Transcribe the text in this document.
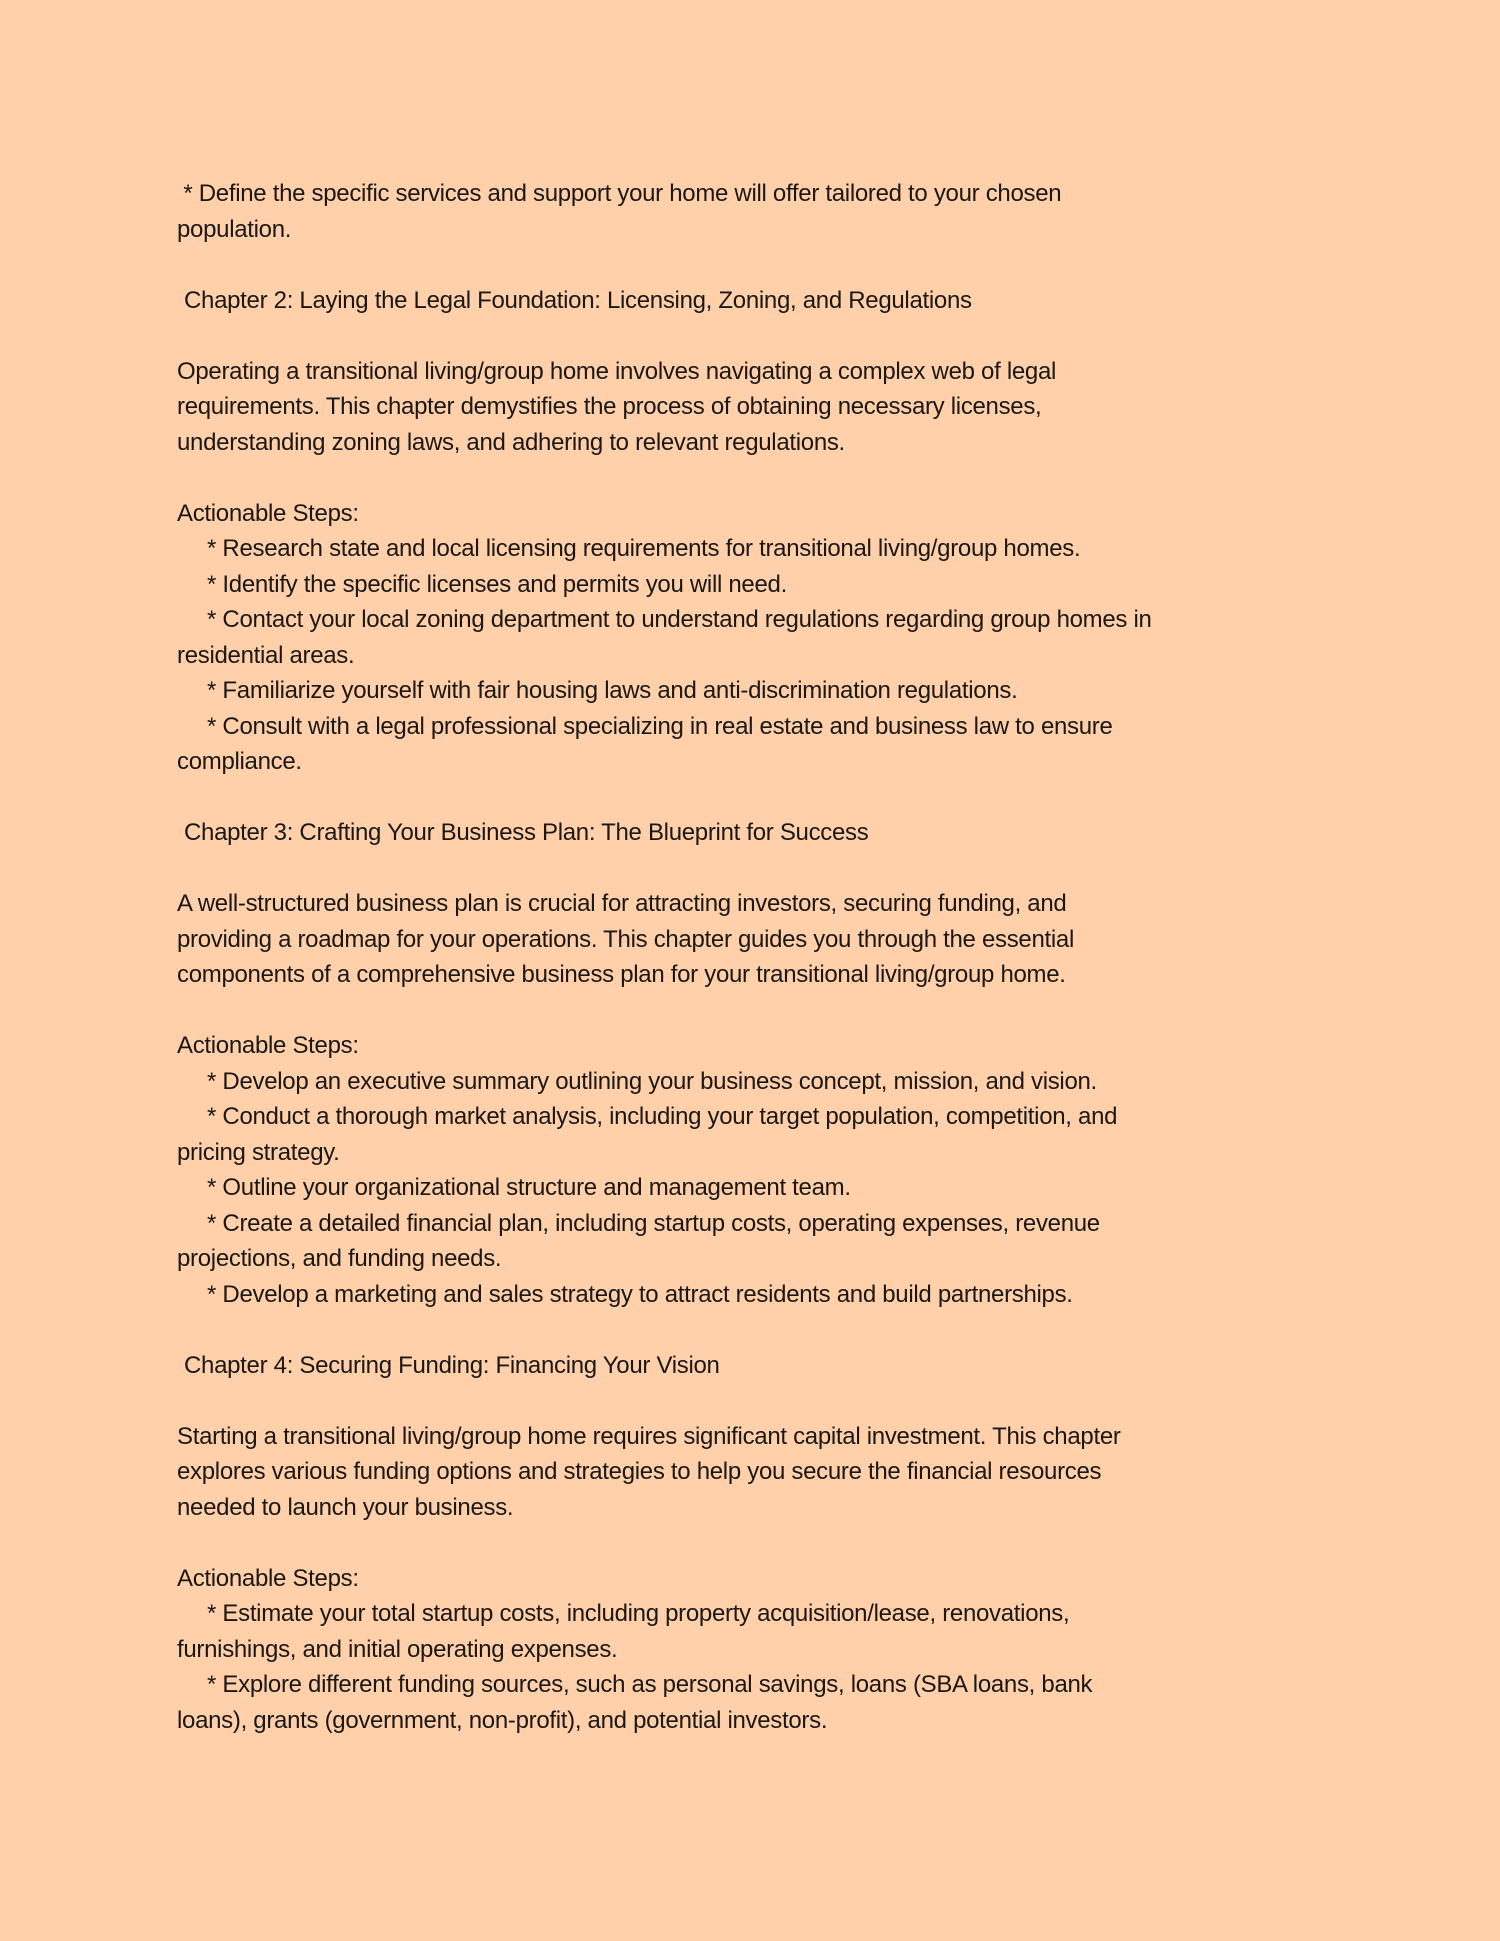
* Define the specific services and support your home will offer tailored to your chosen
population.
Chapter 2: Laying the Legal Foundation: Licensing, Zoning, and Regulations
Operating a transitional living/group home involves navigating a complex web of legal
requirements. This chapter demystifies the process of obtaining necessary licenses,
understanding zoning laws, and adhering to relevant regulations.
Actionable Steps:
* Research state and local licensing requirements for transitional living/group homes.
* Identify the specific licenses and permits you will need.
* Contact your local zoning department to understand regulations regarding group homes in
residential areas.
* Familiarize yourself with fair housing laws and anti-discrimination regulations.
* Consult with a legal professional specializing in real estate and business law to ensure
compliance.
Chapter 3: Crafting Your Business Plan: The Blueprint for Success
A well-structured business plan is crucial for attracting investors, securing funding, and
providing a roadmap for your operations. This chapter guides you through the essential
components of a comprehensive business plan for your transitional living/group home.
Actionable Steps:
* Develop an executive summary outlining your business concept, mission, and vision.
* Conduct a thorough market analysis, including your target population, competition, and
pricing strategy.
* Outline your organizational structure and management team.
* Create a detailed financial plan, including startup costs, operating expenses, revenue
projections, and funding needs.
* Develop a marketing and sales strategy to attract residents and build partnerships.
Chapter 4: Securing Funding: Financing Your Vision
Starting a transitional living/group home requires significant capital investment. This chapter
explores various funding options and strategies to help you secure the financial resources
needed to launch your business.
Actionable Steps:
* Estimate your total startup costs, including property acquisition/lease, renovations,
furnishings, and initial operating expenses.
* Explore different funding sources, such as personal savings, loans (SBA loans, bank
loans), grants (government, non-profit), and potential investors.
